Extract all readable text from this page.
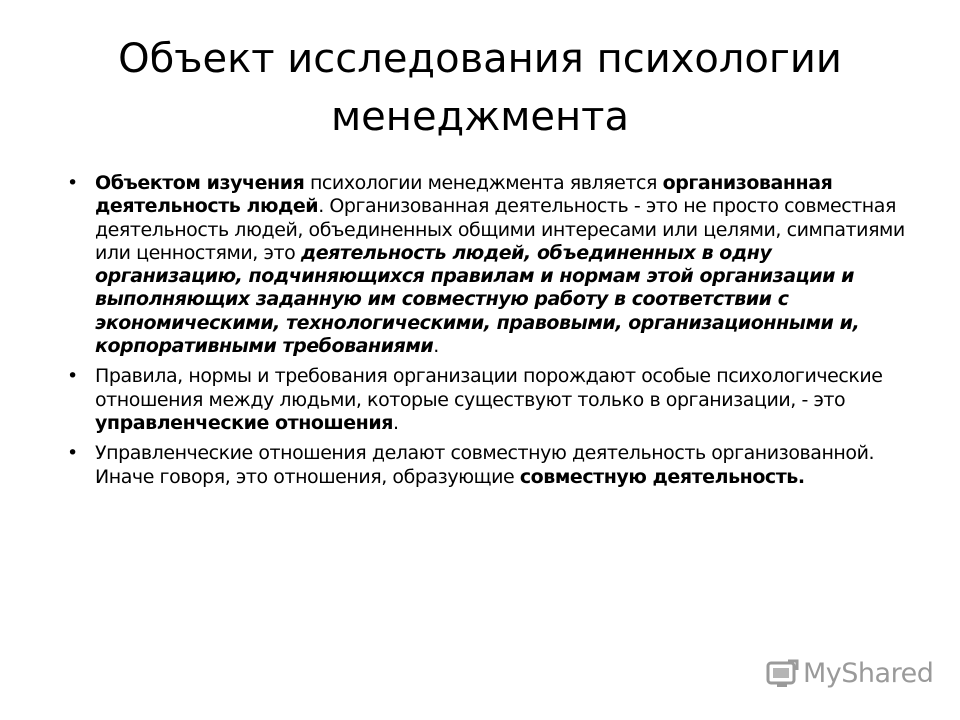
Объект исследования психологии
менеджмента
• Объектом изучения психологии менеджмента является организованная деятельность людей. Организованная деятельность - это не просто совместная деятельность людей, объединенных общими интересами или целями, симпатиями или ценностями, это деятельность людей, объединенных в одну организацию, подчиняющихся правилам и нормам этой организации и выполняющих заданную им совместную работу в соответствии с экономическими, технологическими, правовыми, организационными и, корпоративными требованиями.
• Правила, нормы и требования организации порождают особые психологические отношения между людьми, которые существуют только в организации, - это управленческие отношения.
• Управленческие отношения делают совместную деятельность организованной. Иначе говоря, это отношения, образующие совместную деятельность.
MyShared
